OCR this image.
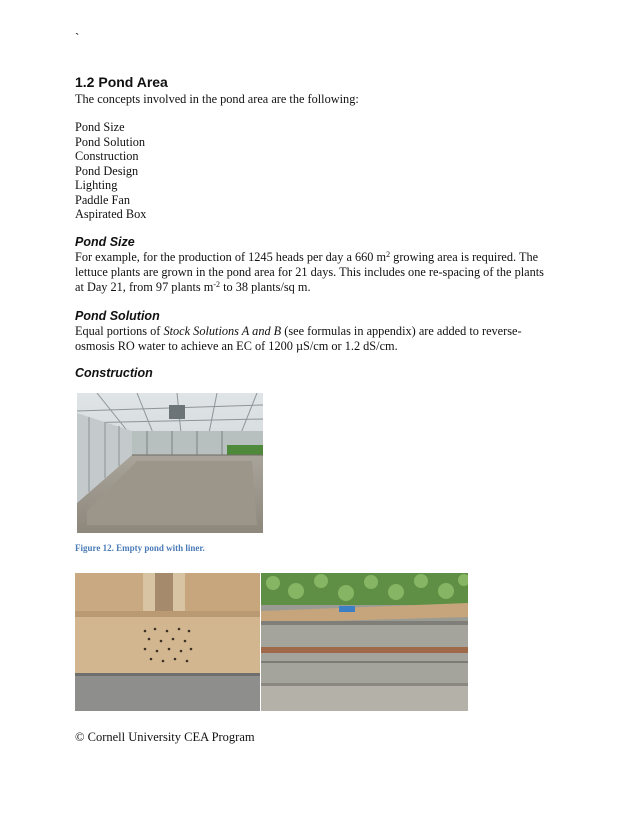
`
1.2 Pond Area
The concepts involved in the pond area are the following:
Pond Size
Pond Solution
Construction
Pond Design
Lighting
Paddle Fan
Aspirated Box
Pond Size
For example, for the production of 1245 heads per day a 660 $m^2$ growing area is required. The
lettuce plants are grown in the pond area for 21 days. This includes one re-spacing of the plants
at Day 21, from 97 plants $m^{-2}$ to 38 plants/sq m.
Pond Solution
Equal portions of Stock Solutions A and B (see formulas in appendix) are added to reverse-
osmosis RO water to achieve an EC of 1200 µS/cm or 1.2 dS/cm.
Construction
Figure 12. Empty pond with liner.
© Cornell University CEA Program
